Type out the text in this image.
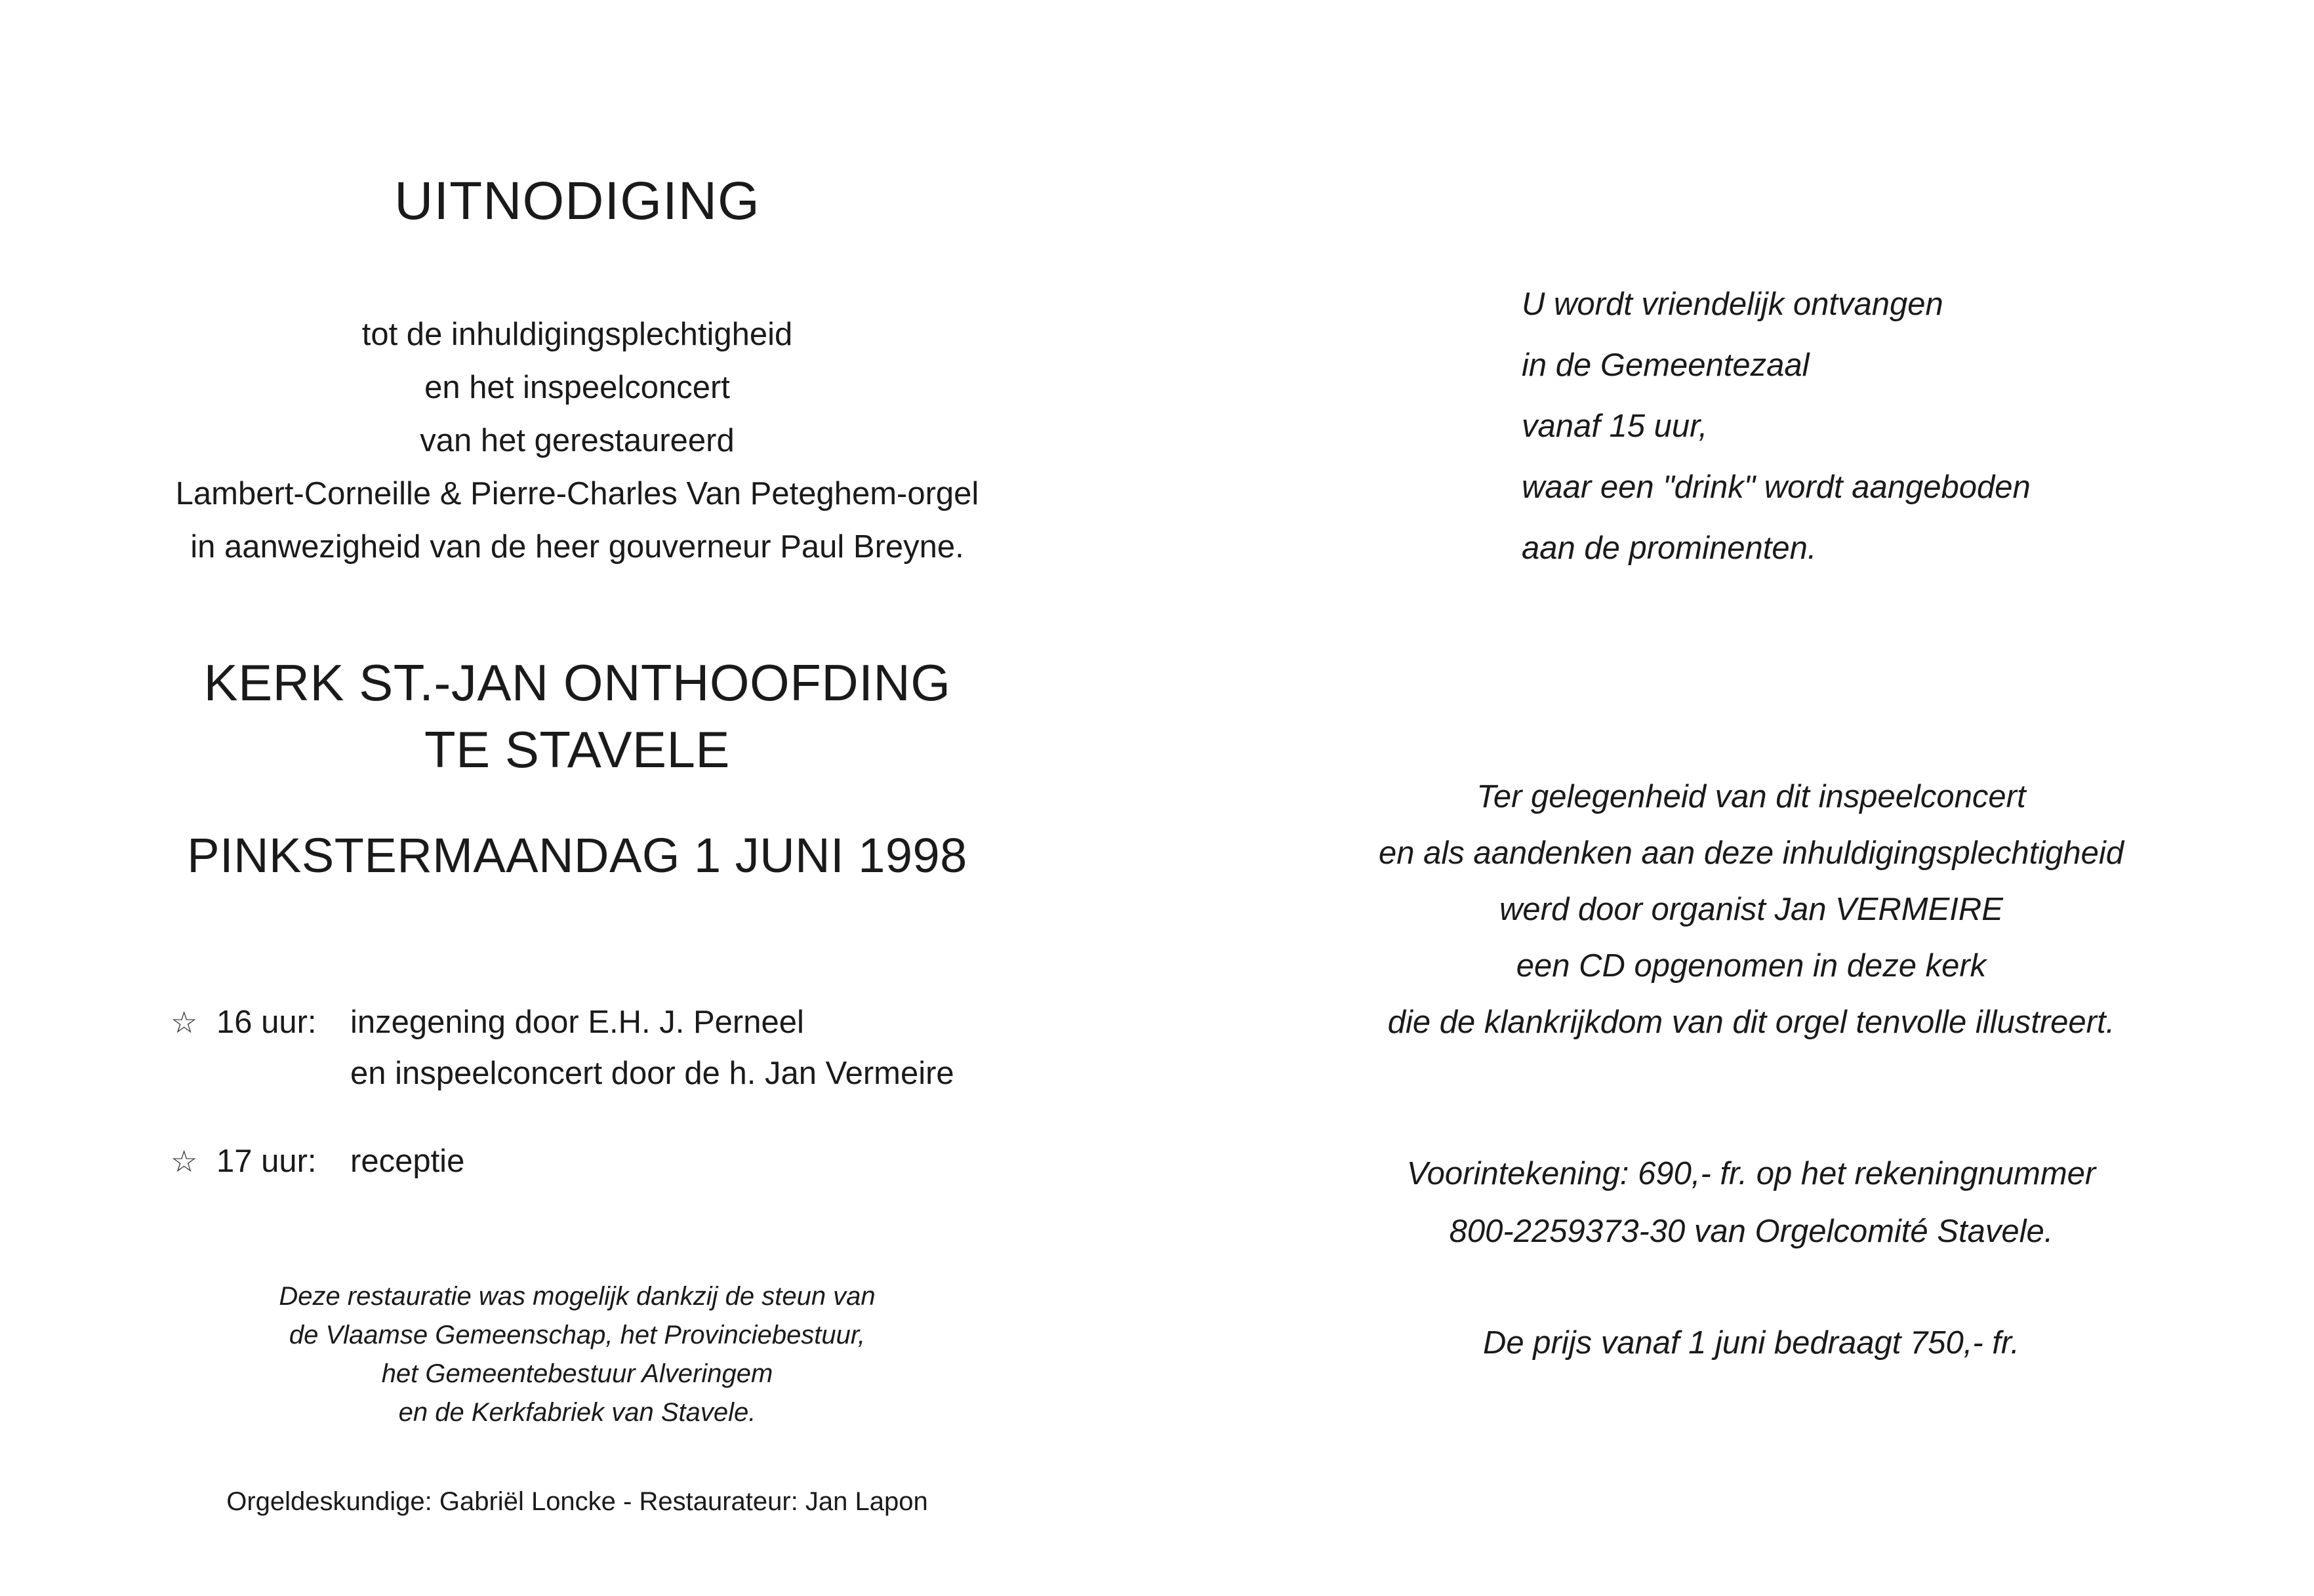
UITNODIGING
tot de inhuldigingsplechtigheid
en het inspeelconcert
van het gerestaureerd
Lambert-Corneille & Pierre-Charles Van Peteghem-orgel
in aanwezigheid van de heer gouverneur Paul Breyne.
KERK ST.-JAN ONTHOOFDING
TE STAVELE
PINKSTERMAANDAG 1 JUNI 1998
☆ 16 uur:	inzegening door E.H. J. Perneel
en inspeelconcert door de h. Jan Vermeire
☆ 17 uur:	receptie
Deze restauratie was mogelijk dankzij de steun van
de Vlaamse Gemeenschap, het Provinciebestuur,
het Gemeentebestuur Alveringem
en de Kerkfabriek van Stavele.
Orgeldeskundige: Gabriël Loncke - Restaurateur: Jan Lapon
U wordt vriendelijk ontvangen
in de Gemeentezaal
vanaf 15 uur,
waar een "drink" wordt aangeboden
aan de prominenten.
Ter gelegenheid van dit inspeelconcert
en als aandenken aan deze inhuldigingsplechtigheid
werd door organist Jan VERMEIRE
een CD opgenomen in deze kerk
die de klankrijkdom van dit orgel tenvolle illustreert.
Voorintekening: 690,- fr. op het rekeningnummer
800-2259373-30 van Orgelcomité Stavele.
De prijs vanaf 1 juni bedraagt 750,- fr.
